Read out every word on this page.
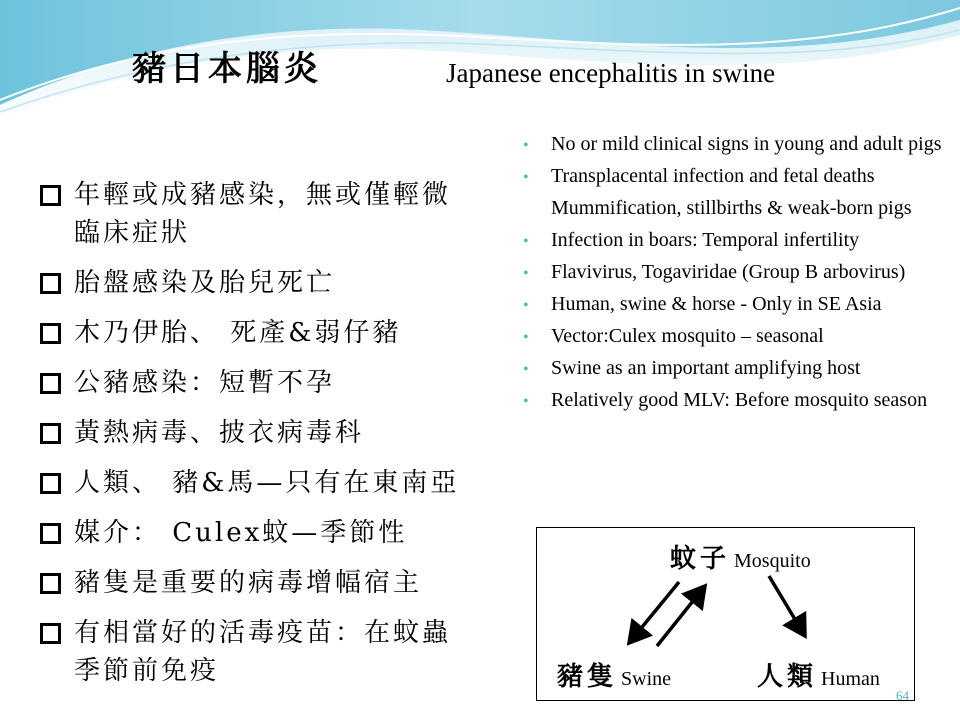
豬日本腦炎	Japanese encephalitis in swine
年輕或成豬感染，無或僅輕微
臨床症狀
胎盤感染及胎兒死亡
木乃伊胎、 死產&弱仔豬
公豬感染：短暫不孕
黃熱病毒、披衣病毒科
人類、 豬&馬—只有在東南亞
媒介： Culex蚊—季節性
豬隻是重要的病毒增幅宿主
有相當好的活毒疫苗：在蚊蟲
季節前免疫
• No or mild clinical signs in young and adult pigs
• Transplacental infection and fetal deaths
Mummification, stillbirths & weak-born pigs
• Infection in boars: Temporal infertility
• Flavivirus, Togaviridae (Group B arbovirus)
• Human, swine & horse - Only in SE Asia
• Vector:Culex mosquito – seasonal
• Swine as an important amplifying host
• Relatively good MLV: Before mosquito season
蚊子 Mosquito
豬隻 Swine	人類 Human
64
